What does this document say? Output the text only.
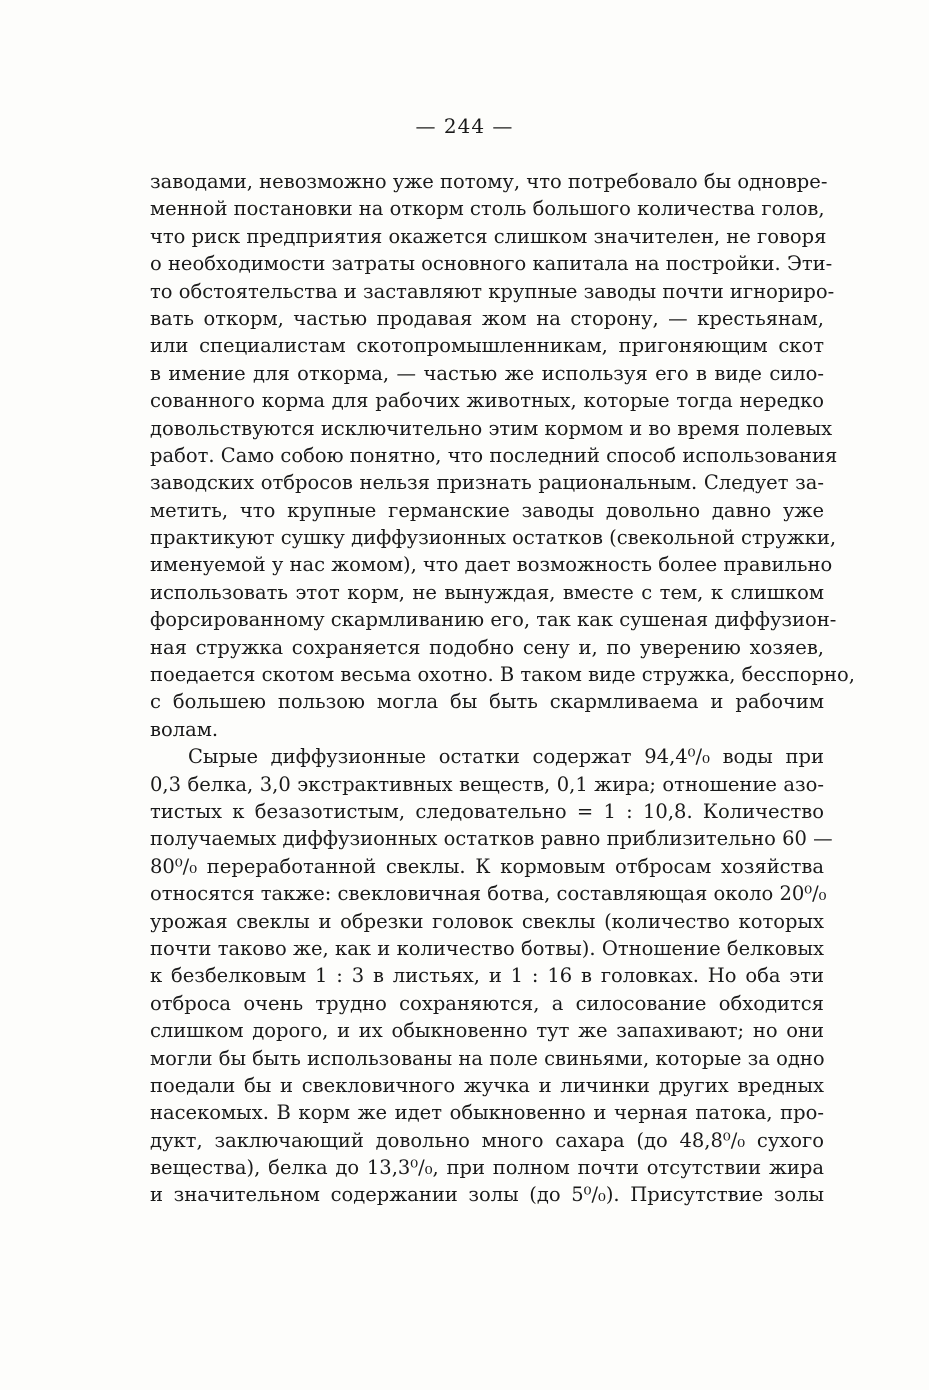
— 244 —
заводами, невозможно уже потому, что потребовало бы одновре-
менной постановки на откорм столь большого количества голов,
что риск предприятия окажется слишком значителен, не говоря
о необходимости затраты основного капитала на постройки. Эти-
то обстоятельства и заставляют крупные заводы почти игнориро-
вать откорм, частью продавая жом на сторону, — крестьянам,
или специалистам скотопромышленникам, пригоняющим скот
в имение для откорма, — частью же используя его в виде сило-
сованного корма для рабочих животных, которые тогда нередко
довольствуются исключительно этим кормом и во время полевых
работ. Само собою понятно, что последний способ использования
заводских отбросов нельзя признать рациональным. Следует за-
метить, что крупные германские заводы довольно давно уже
практикуют сушку диффузионных остатков (свекольной стружки,
именуемой у нас жомом), что дает возможность более правильно
использовать этот корм, не вынуждая, вместе с тем, к слишком
форсированному скармливанию его, так как сушеная диффузион-
ная стружка сохраняется подобно сену и, по уверению хозяев,
поедается скотом весьма охотно. В таком виде стружка, бесспорно,
с большею пользою могла бы быть скармливаема и рабочим
волам.
Сырые диффузионные остатки содержат 94,4⁰/₀ воды при
0,3 белка, 3,0 экстрактивных веществ, 0,1 жира; отношение азо-
тистых к безазотистым, следовательно = 1 : 10,8. Количество
получаемых диффузионных остатков равно приблизительно 60 —
80⁰/₀ переработанной свеклы. К кормовым отбросам хозяйства
относятся также: свекловичная ботва, составляющая около 20⁰/₀
урожая свеклы и обрезки головок свеклы (количество которых
почти таково же, как и количество ботвы). Отношение белковых
к безбелковым 1 : 3 в листьях, и 1 : 16 в головках. Но оба эти
отброса очень трудно сохраняются, а силосование обходится
слишком дорого, и их обыкновенно тут же запахивают; но они
могли бы быть использованы на поле свиньями, которые за одно
поедали бы и свекловичного жучка и личинки других вредных
насекомых. В корм же идет обыкновенно и черная патока, про-
дукт, заключающий довольно много сахара (до 48,8⁰/₀ сухого
вещества), белка до 13,3⁰/₀, при полном почти отсутствии жира
и значительном содержании золы (до 5⁰/₀). Присутствие золы
